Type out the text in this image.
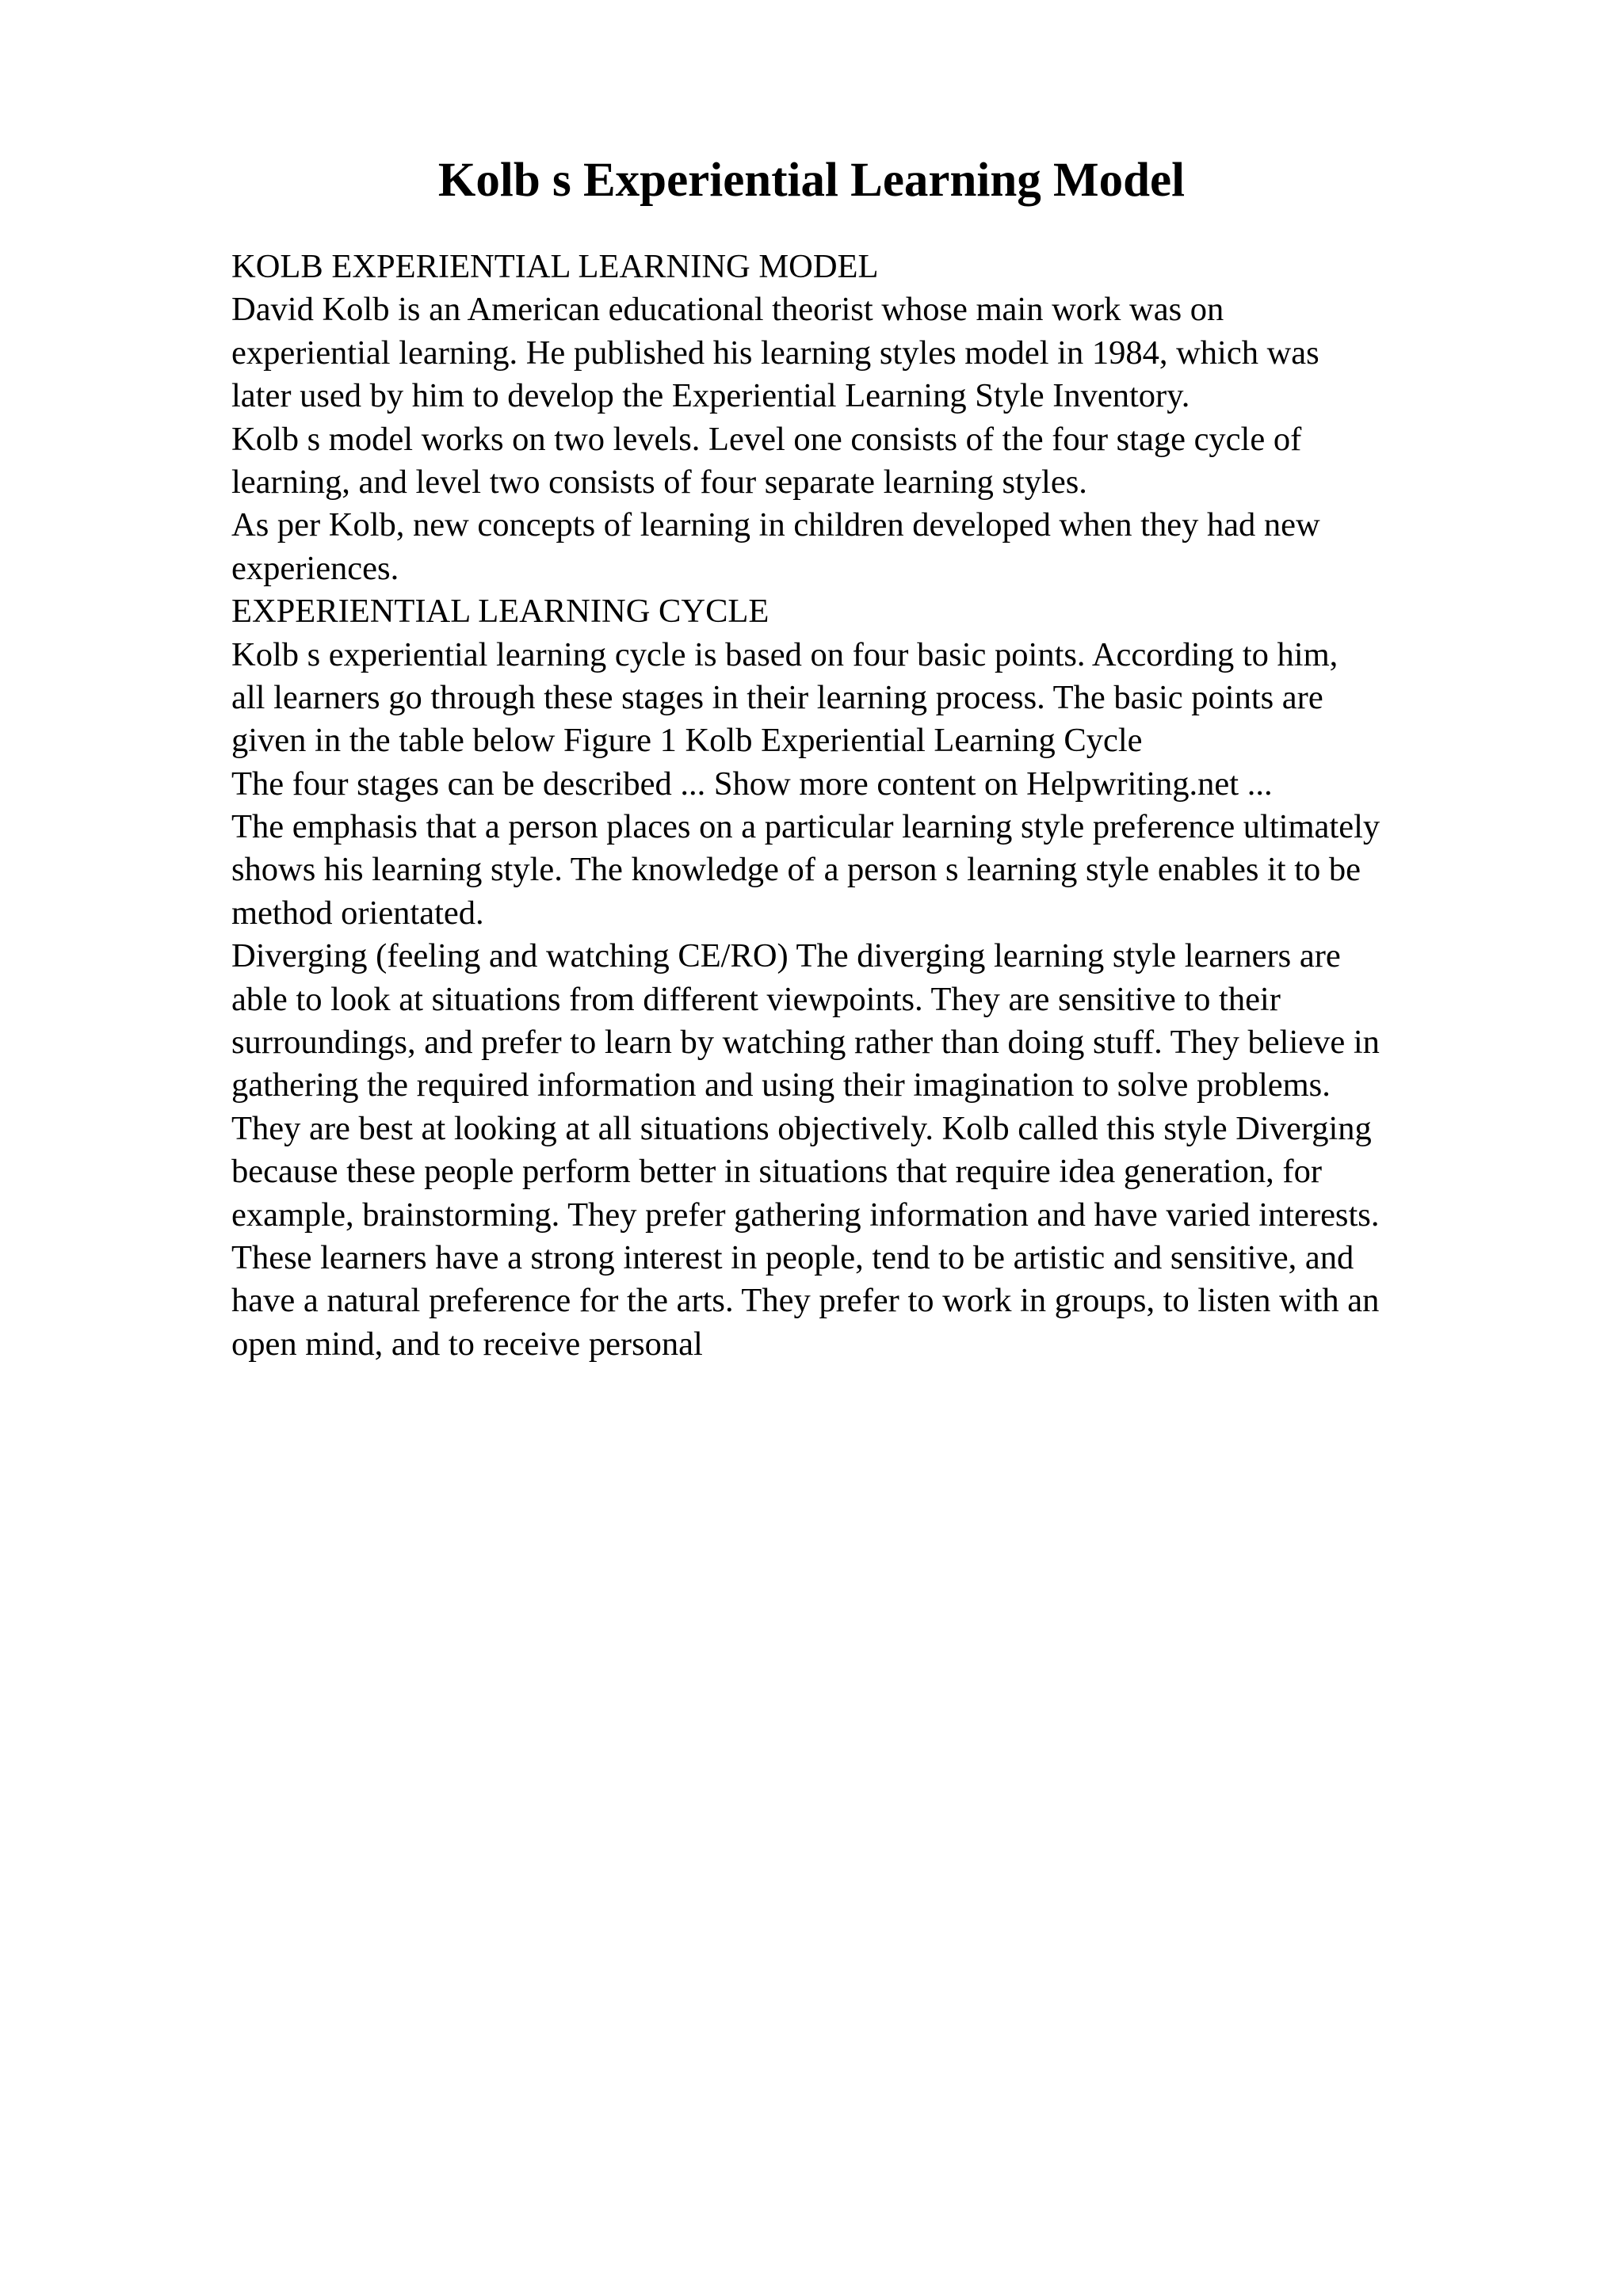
Kolb s Experiential Learning Model
KOLB EXPERIENTIAL LEARNING MODEL
David Kolb is an American educational theorist whose main work was on
experiential learning. He published his learning styles model in 1984, which was
later used by him to develop the Experiential Learning Style Inventory.
Kolb s model works on two levels. Level one consists of the four stage cycle of
learning, and level two consists of four separate learning styles.
As per Kolb, new concepts of learning in children developed when they had new
experiences.
EXPERIENTIAL LEARNING CYCLE
Kolb s experiential learning cycle is based on four basic points. According to him,
all learners go through these stages in their learning process. The basic points are
given in the table below Figure 1 Kolb Experiential Learning Cycle
The four stages can be described ... Show more content on Helpwriting.net ...
The emphasis that a person places on a particular learning style preference ultimately
shows his learning style. The knowledge of a person s learning style enables it to be
method orientated.
Diverging (feeling and watching CE/RO) The diverging learning style learners are
able to look at situations from different viewpoints. They are sensitive to their
surroundings, and prefer to learn by watching rather than doing stuff. They believe in
gathering the required information and using their imagination to solve problems.
They are best at looking at all situations objectively. Kolb called this style Diverging
because these people perform better in situations that require idea generation, for
example, brainstorming. They prefer gathering information and have varied interests.
These learners have a strong interest in people, tend to be artistic and sensitive, and
have a natural preference for the arts. They prefer to work in groups, to listen with an
open mind, and to receive personal
